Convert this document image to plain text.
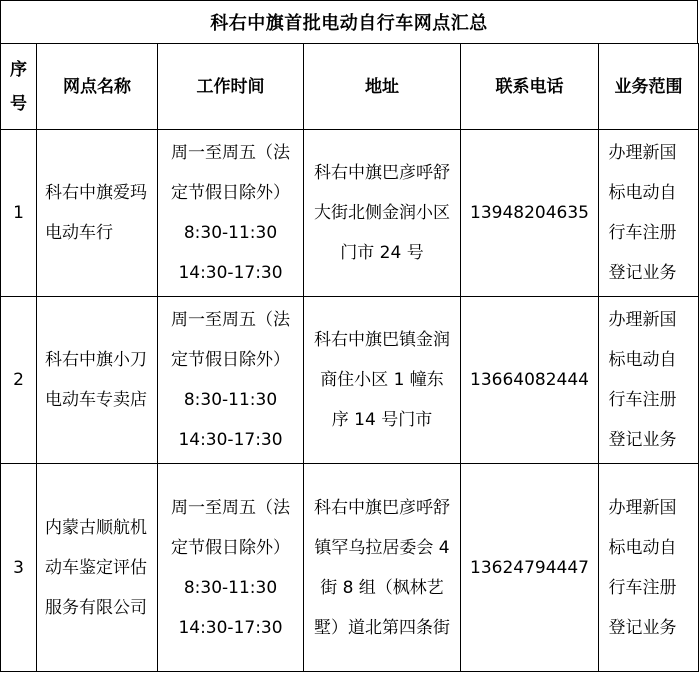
科右中旗首批电动自行车网点汇总
序号	网点名称	工作时间	地址	联系电话	业务范围
1	科右中旗爱玛电动车行	周一至周五（法定节假日除外）
8:30-11:30
14:30-17:30	科右中旗巴彦呼舒大街北侧金润小区门市 24 号	13948204635	办理新国标电动自行车注册登记业务

2	科右中旗小刀电动车专卖店	周一至周五（法定节假日除外）
8:30-11:30
14:30-17:30	科右中旗巴镇金润商住小区 1 幢东序 14 号门市	13664082444	办理新国标电动自行车注册登记业务

3	内蒙古顺航机动车鉴定评估服务有限公司	周一至周五（法定节假日除外）
8:30-11:30
14:30-17:30	科右中旗巴彦呼舒镇罕乌拉居委会 4 街 8 组（枫林艺墅）道北第四条街	13624794447	办理新国标电动自行车注册登记业务
